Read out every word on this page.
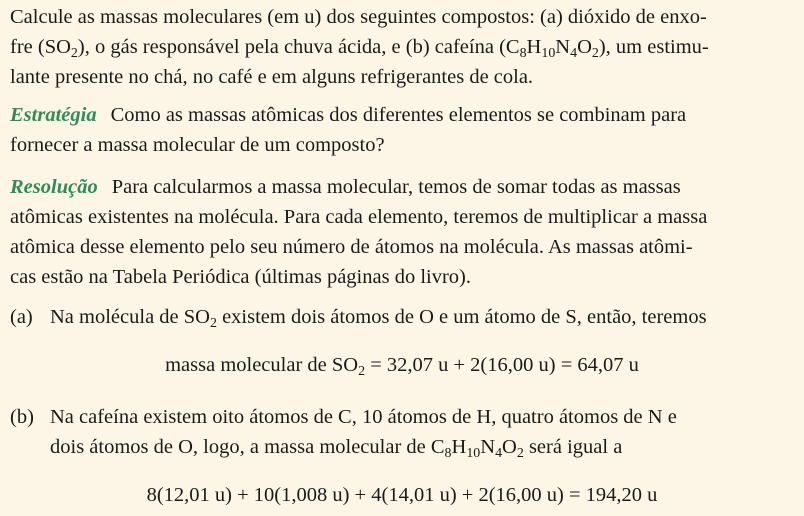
Calcule as massas moleculares (em u) dos seguintes compostos: (a) dióxido de enxo-
fre $(SO_2)$, o gás responsável pela chuva ácida, e (b) cafeína $(C_8H_{10}N_4O_2)$, um estimu-
lante presente no chá, no café e em alguns refrigerantes de cola.

Estratégia Como as massas atômicas dos diferentes elementos se combinam para
fornecer a massa molecular de um composto?

Resolução Para calcularmos a massa molecular, temos de somar todas as massas
atômicas existentes na molécula. Para cada elemento, teremos de multiplicar a massa
atômica desse elemento pelo seu número de átomos na molécula. As massas atômi-
cas estão na Tabela Periódica (últimas páginas do livro).

(a) Na molécula de $SO_2$ existem dois átomos de O e um átomo de S, então, teremos
massa molecular de $SO_2 = 32,07$ u + 2(16,00 u) = 64,07 u
(b) Na cafeína existem oito átomos de C, 10 átomos de H, quatro átomos de N e
dois átomos de O, logo, a massa molecular de $C_8H_{10}N_4O_2$ será igual a
8(12,01 u) + 10(1,008 u) + 4(14,01 u) + 2(16,00 u) = 194,20 u
